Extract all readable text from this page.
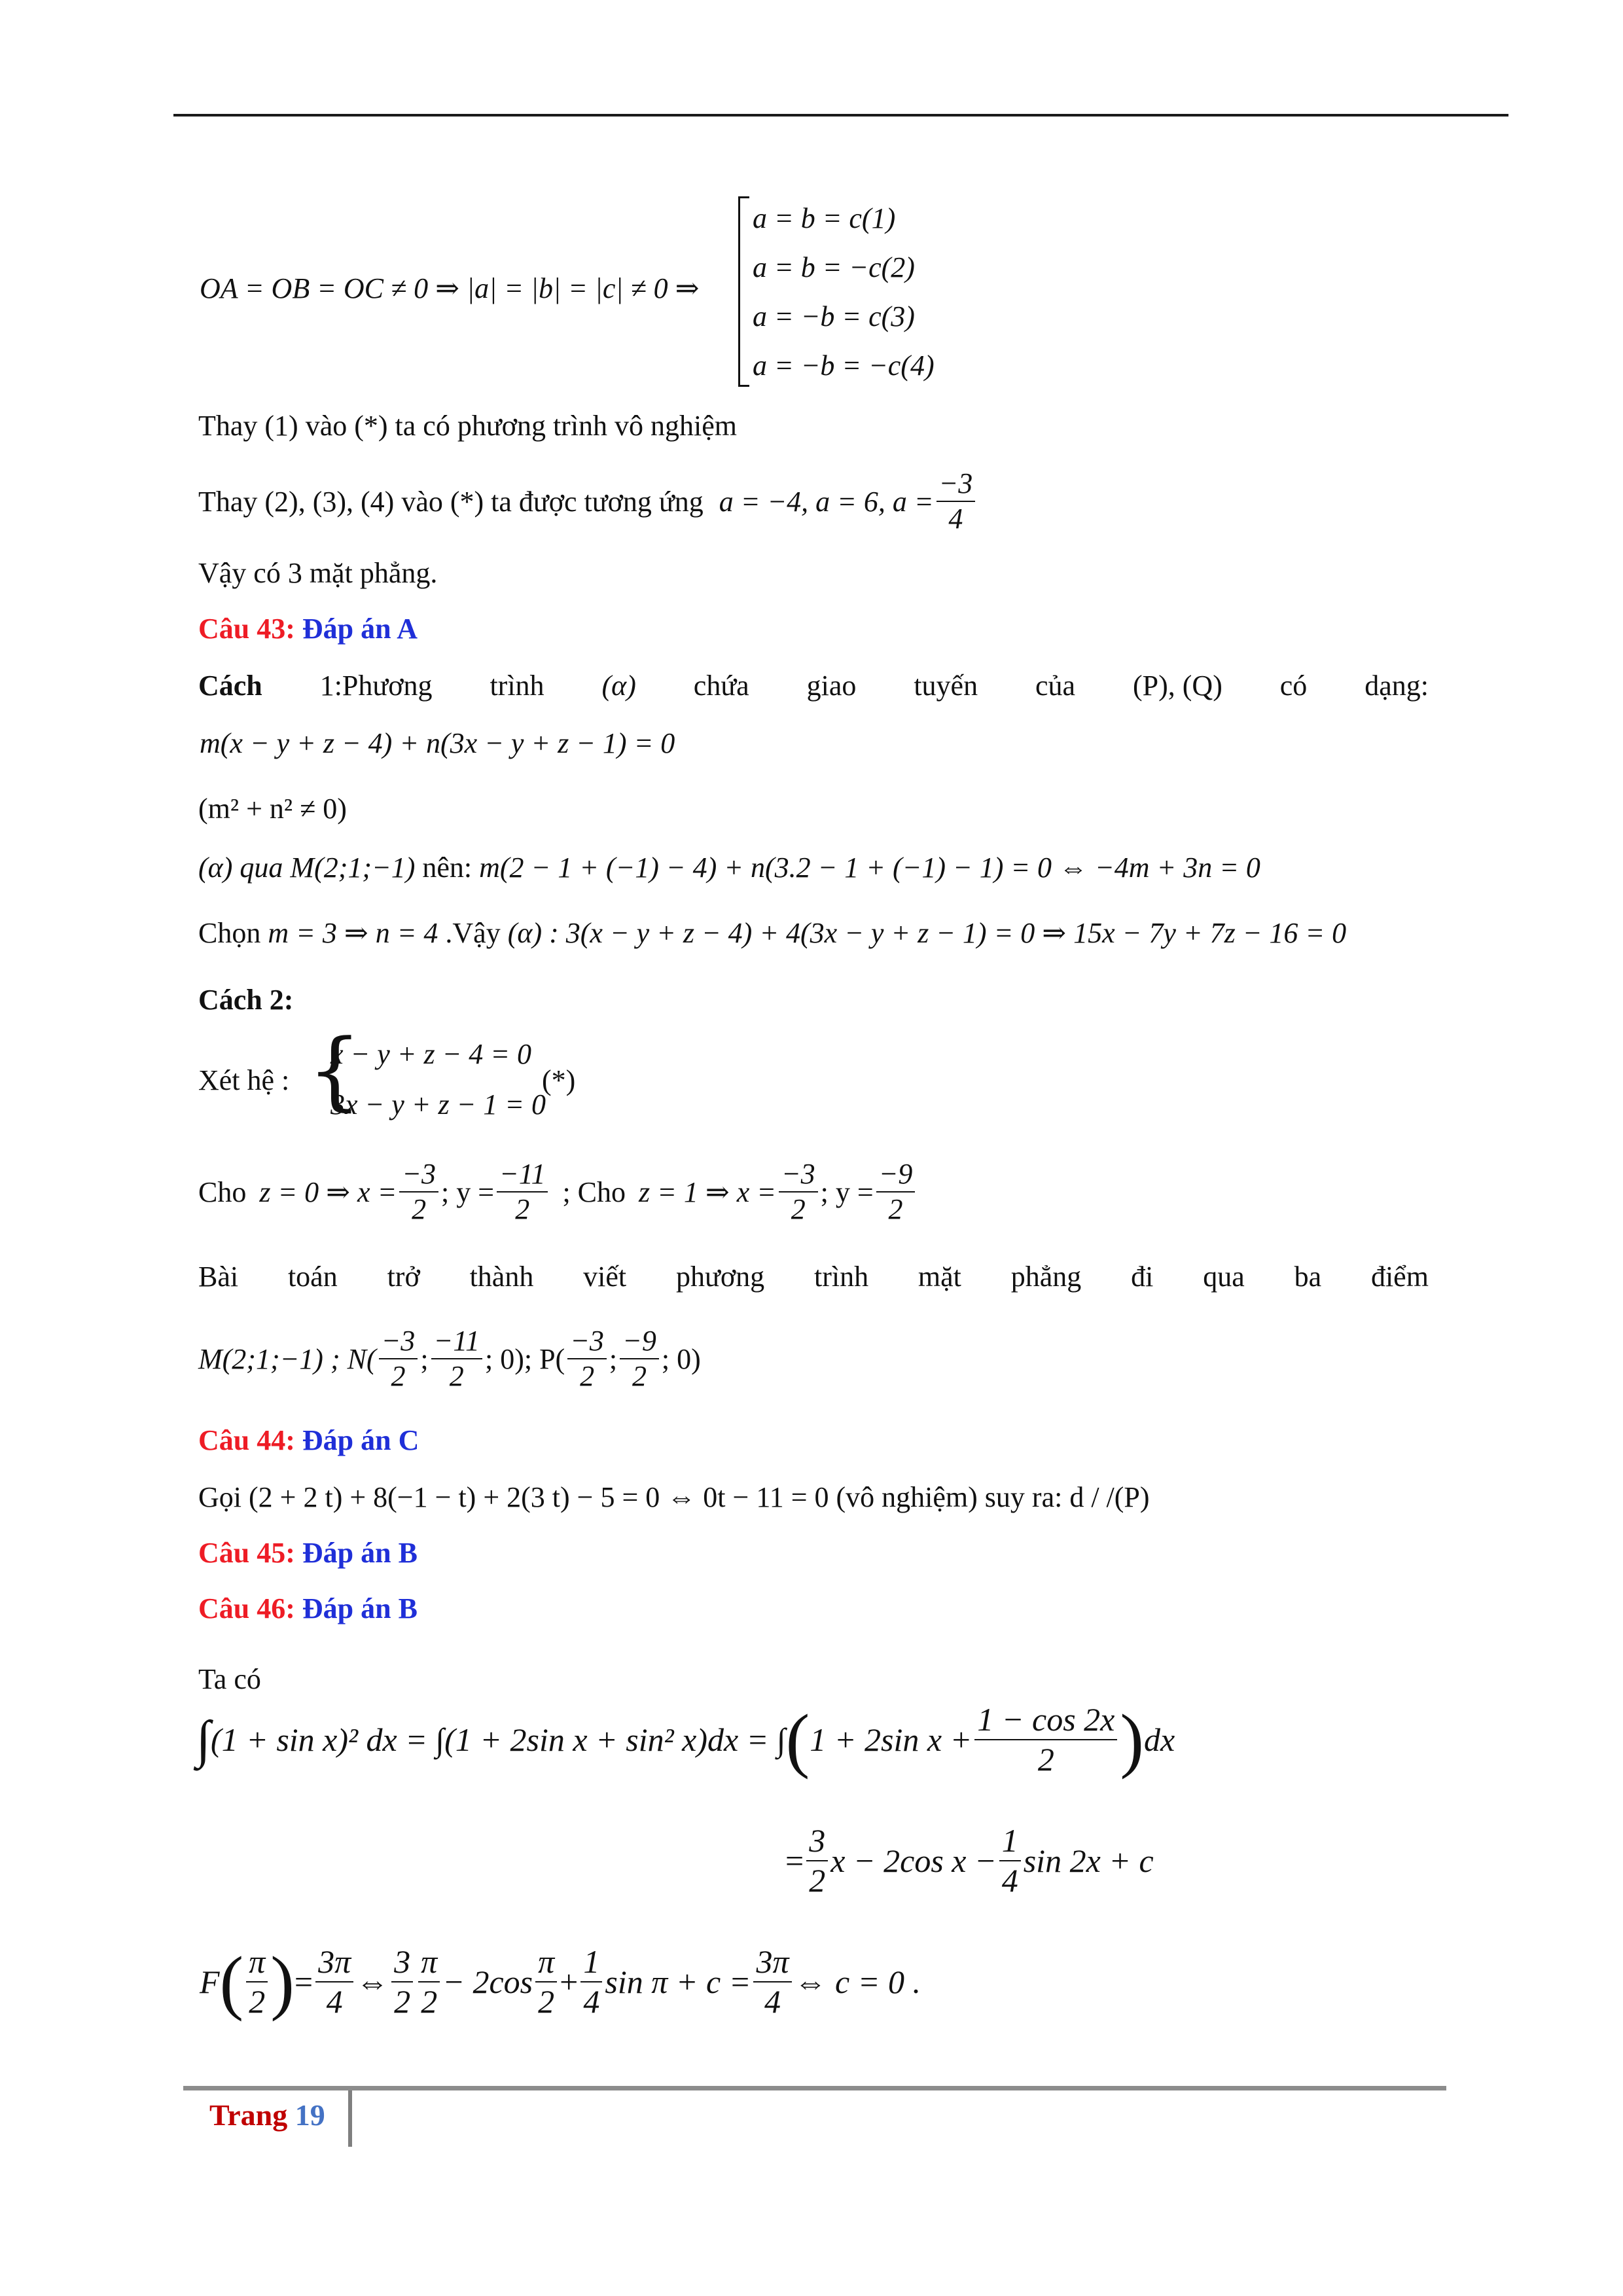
OA = OB = OC ≠ 0 ⇒ |a| = |b| = |c| ≠ 0 ⇒
a = b = c(1)
a = b = −c(2)
a = −b = c(3)
a = −b = −c(4)
Thay (1) vào (*) ta có phương trình vô nghiệm
Thay (2), (3), (4) vào (*) ta được tương ứng a = −4, a = 6, $a = \frac{-3}{4}$
Vậy có 3 mặt phẳng.
Câu 43: Đáp án A
Cách 1:Phương trình (α) chứa giao tuyến của (P), (Q) có dạng:
m(x − y + z − 4) + n(3x − y + z − 1) = 0
(m² + n² ≠ 0)
(α) qua M(2;1;−1) nên: m(2 − 1 + (−1) − 4) + n(3.2 − 1 + (−1) − 1) = 0 ⇔ −4m + 3n = 0
Chọn m = 3 ⇒ n = 4 .Vậy (α) : 3(x − y + z − 4) + 4(3x − y + z − 1) = 0 ⇒ 15x − 7y + 7z − 16 = 0
Cách 2:
Xét hệ : {
x − y + z − 4 = 0
3x − y + z − 1 = 0
(*)
Cho z = 0 ⇒ $x = \frac{-3}{2}$ ; $y = \frac{-11}{2}$ ; Cho z = 1 ⇒ $x = \frac{-3}{2}$ ; $y = \frac{-9}{2}$
Bài toán trở thành viết phương trình mặt phẳng đi qua ba điểm
M(2;1;−1) ; $N( \frac{-3}{2}$ ; $\frac{-11}{2}$ ; 0); $P( \frac{-3}{2}$ ; $\frac{-9}{2}$ ; 0)
Câu 44: Đáp án C
Gọi (2 + 2 t) + 8(−1 − t) + 2(3 t) − 5 = 0 ⇔ 0t − 11 = 0 (vô nghiệm) suy ra: d / /(P)
Câu 45: Đáp án B
Câu 46: Đáp án B
Ta có
∫ (1 + sin x)² dx = ∫(1 + 2sin x + sin² x)dx = ∫ ( 1 + 2sin $x + \frac{1 - \cos 2x}{2}$ ) dx
= $\frac{3}{2}$ x − 2cos $x - \frac{1}{4}$ sin 2x + c
F ( $\frac{\pi}{2}$ ) = $\frac{3\pi}{4}$ ⇔ $\frac{3}{2} \frac{\pi}{2} - 2\cos \frac{\pi}{2} + \frac{1}{4}$ $\sin \pi + c = \frac{3\pi}{4}$ ⇔ c = 0 .
Trang 19
